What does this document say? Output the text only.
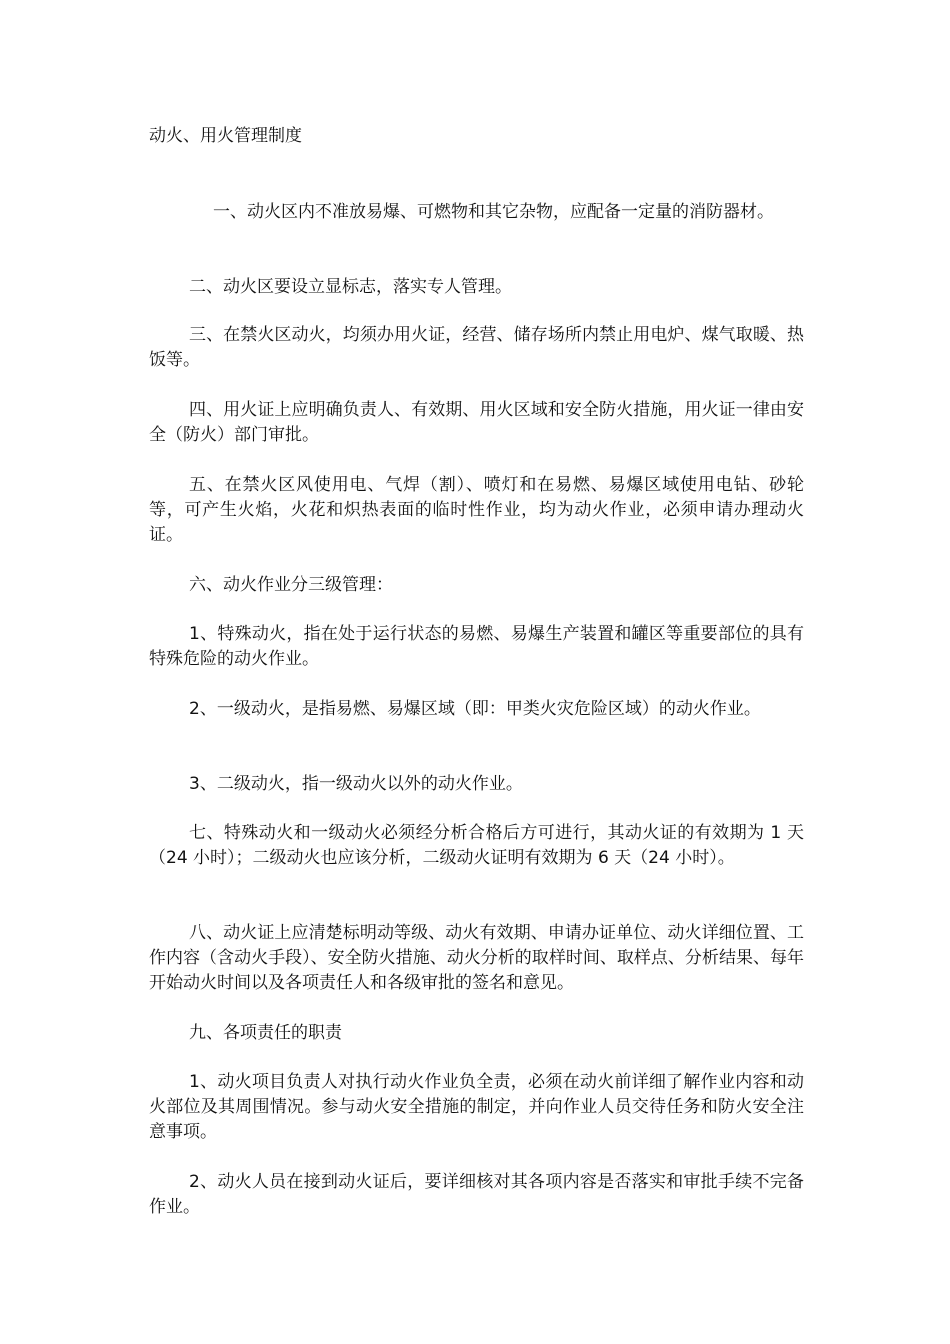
动火、用火管理制度

一、动火区内不准放易爆、可燃物和其它杂物，应配备一定量的消防器材。

二、动火区要设立显标志，落实专人管理。

三、在禁火区动火，均须办用火证，经营、储存场所内禁止用电炉、煤气取暖、热饭等。

四、用火证上应明确负责人、有效期、用火区域和安全防火措施，用火证一律由安全（防火）部门审批。

五、在禁火区风使用电、气焊（割）、喷灯和在易燃、易爆区域使用电钻、砂轮等，可产生火焰，火花和炽热表面的临时性作业，均为动火作业，必须申请办理动火证。

六、动火作业分三级管理：

1、特殊动火，指在处于运行状态的易燃、易爆生产装置和罐区等重要部位的具有特殊危险的动火作业。

2、一级动火，是指易燃、易爆区域（即：甲类火灾危险区域）的动火作业。

3、二级动火，指一级动火以外的动火作业。

七、特殊动火和一级动火必须经分析合格后方可进行，其动火证的有效期为 1 天（24 小时）；二级动火也应该分析，二级动火证明有效期为 6 天（24 小时）。

八、动火证上应清楚标明动等级、动火有效期、申请办证单位、动火详细位置、工作内容（含动火手段）、安全防火措施、动火分析的取样时间、取样点、分析结果、每年开始动火时间以及各项责任人和各级审批的签名和意见。

九、各项责任的职责

1、动火项目负责人对执行动火作业负全责，必须在动火前详细了解作业内容和动火部位及其周围情况。参与动火安全措施的制定，并向作业人员交待任务和防火安全注意事项。

2、动火人员在接到动火证后，要详细核对其各项内容是否落实和审批手续不完备作业。
